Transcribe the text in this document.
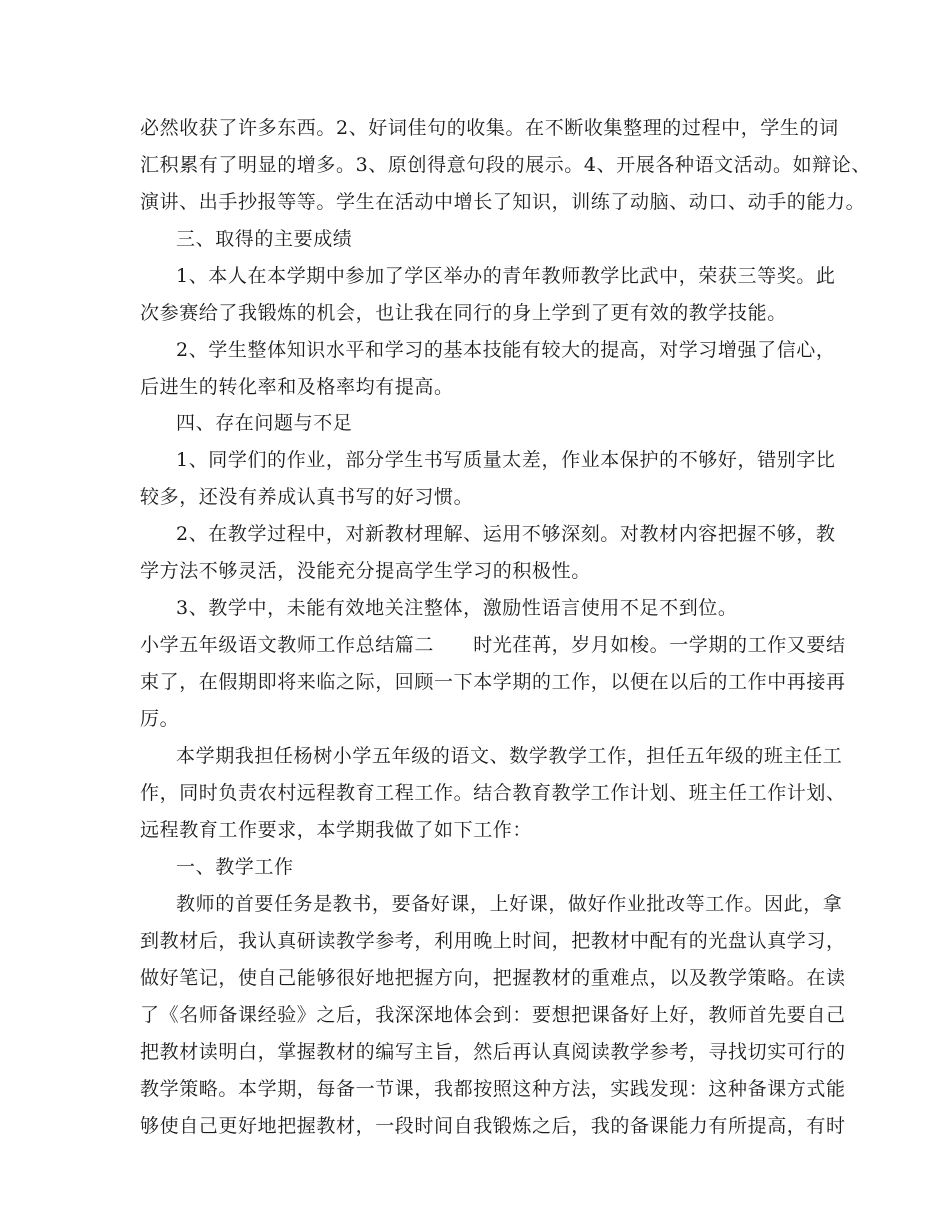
必然收获了许多东西。2、好词佳句的收集。在不断收集整理的过程中，学生的词
汇积累有了明显的增多。3、原创得意句段的展示。4、开展各种语文活动。如辩论、
演讲、出手抄报等等。学生在活动中增长了知识，训练了动脑、动口、动手的能力。
三、取得的主要成绩
1、本人在本学期中参加了学区举办的青年教师教学比武中，荣获三等奖。此
次参赛给了我锻炼的机会，也让我在同行的身上学到了更有效的教学技能。
2、学生整体知识水平和学习的基本技能有较大的提高，对学习增强了信心，
后进生的转化率和及格率均有提高。
四、存在问题与不足
1、同学们的作业，部分学生书写质量太差，作业本保护的不够好，错别字比
较多，还没有养成认真书写的好习惯。
2、在教学过程中，对新教材理解、运用不够深刻。对教材内容把握不够，教
学方法不够灵活，没能充分提高学生学习的积极性。
3、教学中，未能有效地关注整体，激励性语言使用不足不到位。
小学五年级语文教师工作总结篇二　　时光荏苒，岁月如梭。一学期的工作又要结
束了，在假期即将来临之际，回顾一下本学期的工作，以便在以后的工作中再接再
厉。
本学期我担任杨树小学五年级的语文、数学教学工作，担任五年级的班主任工
作，同时负责农村远程教育工程工作。结合教育教学工作计划、班主任工作计划、
远程教育工作要求，本学期我做了如下工作：
一、教学工作
教师的首要任务是教书，要备好课，上好课，做好作业批改等工作。因此，拿
到教材后，我认真研读教学参考，利用晚上时间，把教材中配有的光盘认真学习，
做好笔记，使自己能够很好地把握方向，把握教材的重难点，以及教学策略。在读
了《名师备课经验》之后，我深深地体会到：要想把课备好上好，教师首先要自己
把教材读明白，掌握教材的编写主旨，然后再认真阅读教学参考，寻找切实可行的
教学策略。本学期，每备一节课，我都按照这种方法，实践发现：这种备课方式能
够使自己更好地把握教材，一段时间自我锻炼之后，我的备课能力有所提高，有时
